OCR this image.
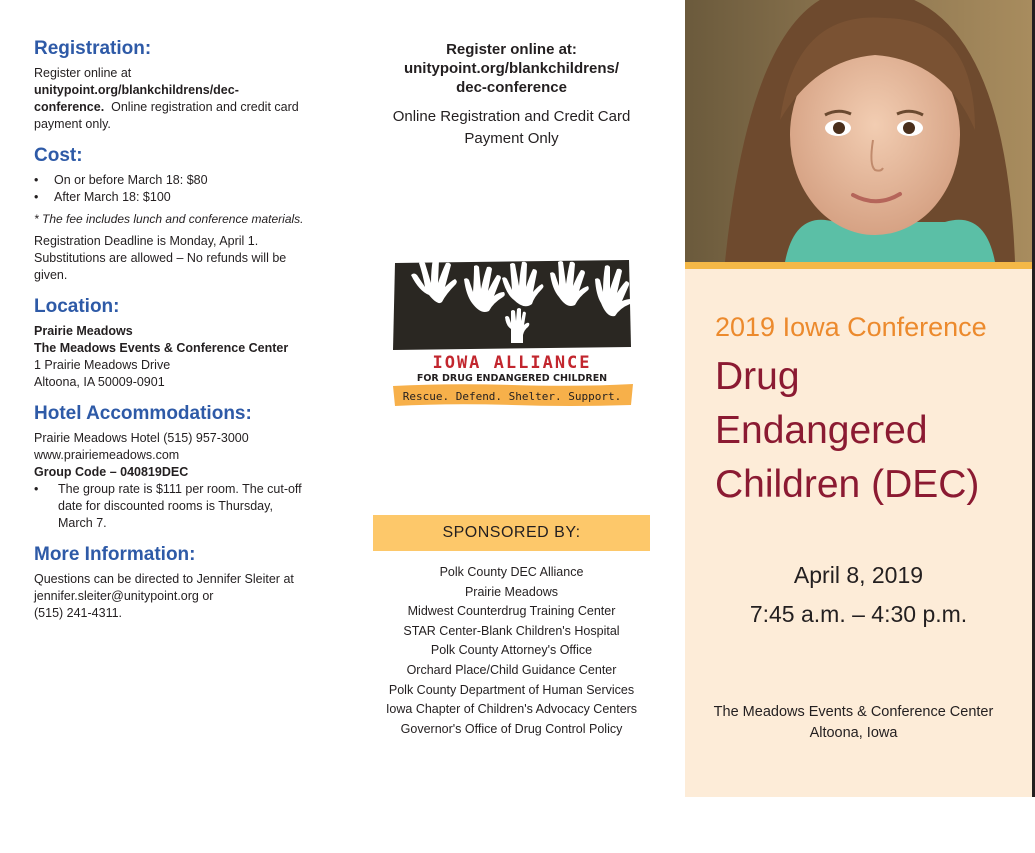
Registration:

Register online at
unitypoint.org/blankchildrens/dec-conference. Online registration and credit card payment only.

Cost:
• On or before March 18: $80
• After March 18: $100

* The fee includes lunch and conference materials.

Registration Deadline is Monday, April 1. Substitutions are allowed – No refunds will be given.

Location:

Prairie Meadows

The Meadows Events & Conference Center

1 Prairie Meadows Drive

Altoona, IA 50009-0901

Hotel Accommodations:

Prairie Meadows Hotel (515) 957-3000

www.prairiemeadows.com

Group Code – 040819DEC

• The group rate is $111 per room. The cut-off date for discounted rooms is Thursday, March 7.
More Information:

Questions can be directed to Jennifer Sleiter at

jennifer.sleiter@unitypoint.org or

(515) 241-4311.

Register online at:
unitypoint.org/blankchildrens/
dec-conference
Online Registration and Credit Card
Payment Only
IOWA ALLIANCE
FOR DRUG ENDANGERED CHILDREN
Rescue. Defend. Shelter. Support.
SPONSORED BY:
Polk County DEC Alliance
Prairie Meadows
Midwest Counterdrug Training Center
STAR Center-Blank Children's Hospital
Polk County Attorney's Office
Orchard Place/Child Guidance Center
Polk County Department of Human Services
Iowa Chapter of Children's Advocacy Centers
Governor's Office of Drug Control Policy
2019 Iowa Conference
Drug
Endangered
Children (DEC)
April 8, 2019
7:45 a.m. – 4:30 p.m.
The Meadows Events & Conference Center
Altoona, Iowa
